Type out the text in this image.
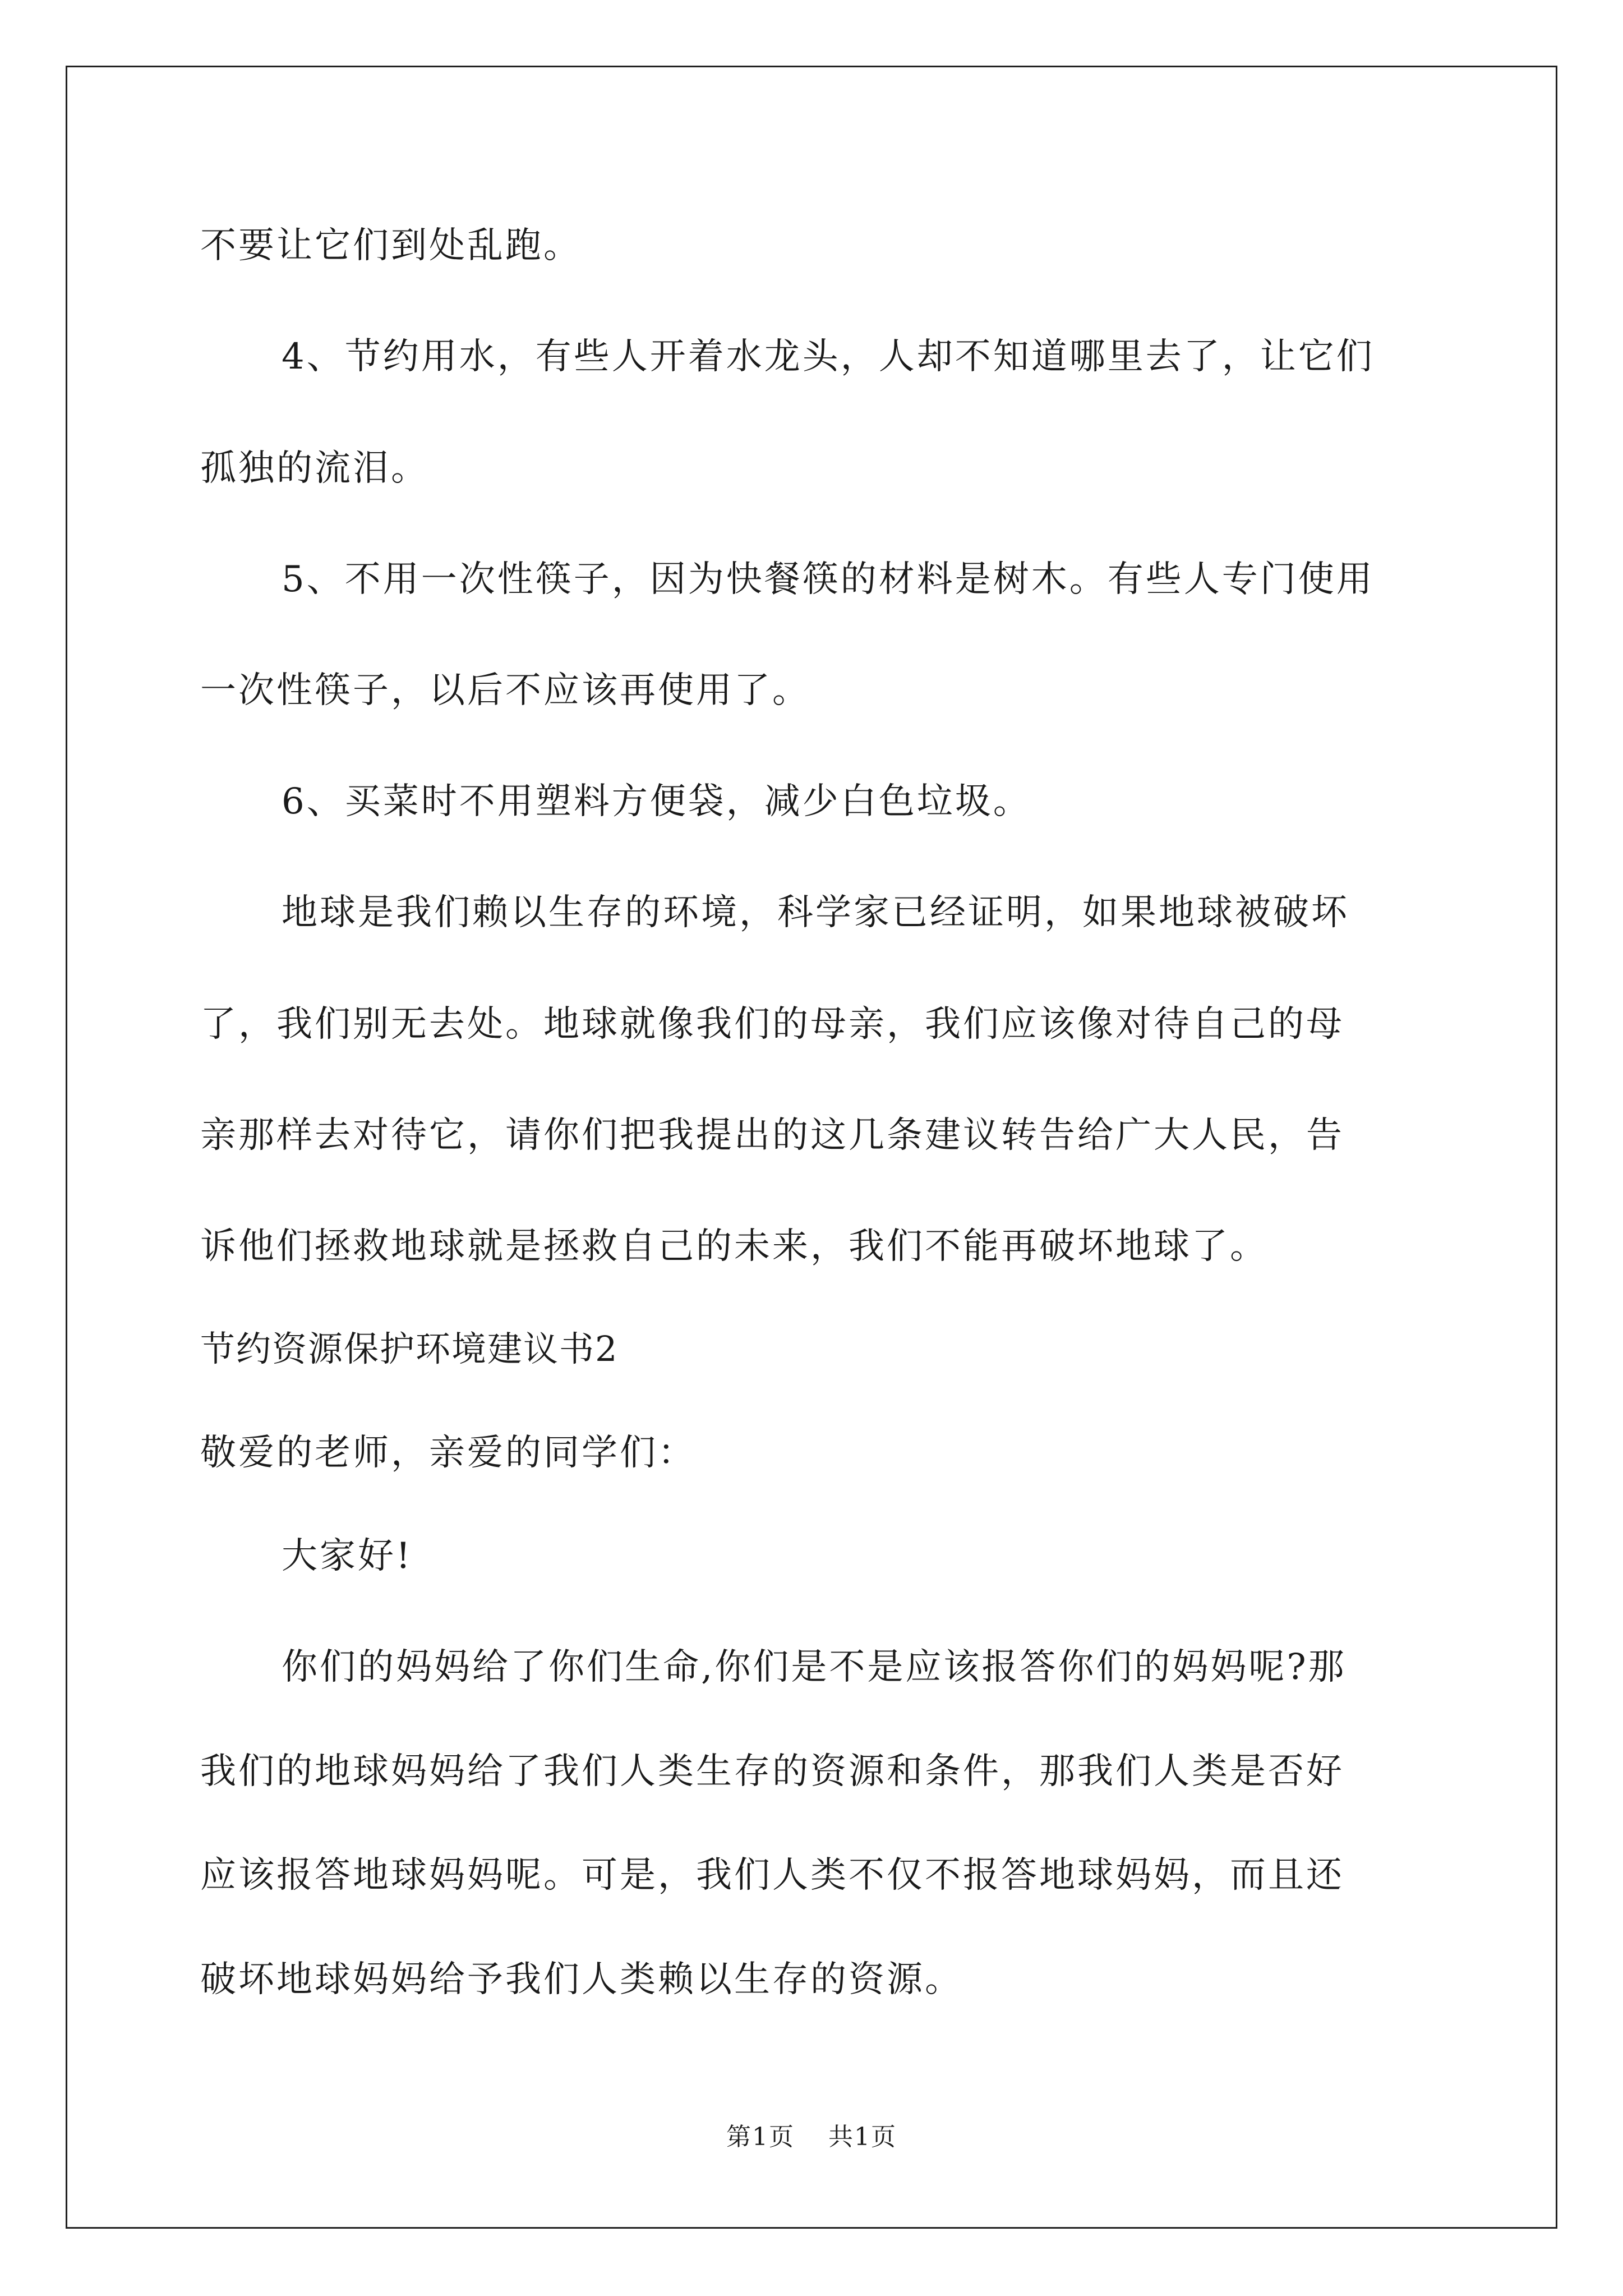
不要让它们到处乱跑。
4、节约用水，有些人开着水龙头，人却不知道哪里去了，让它们
孤独的流泪。
5、不用一次性筷子，因为快餐筷的材料是树木。有些人专门使用
一次性筷子，以后不应该再使用了。
6、买菜时不用塑料方便袋，减少白色垃圾。
地球是我们赖以生存的环境，科学家已经证明，如果地球被破坏
了，我们别无去处。地球就像我们的母亲，我们应该像对待自己的母
亲那样去对待它，请你们把我提出的这几条建议转告给广大人民，告
诉他们拯救地球就是拯救自己的未来，我们不能再破坏地球了。
节约资源保护环境建议书2
敬爱的老师，亲爱的同学们：
大家好!
你们的妈妈给了你们生命,你们是不是应该报答你们的妈妈呢?那
我们的地球妈妈给了我们人类生存的资源和条件，那我们人类是否好
应该报答地球妈妈呢。可是，我们人类不仅不报答地球妈妈，而且还
破坏地球妈妈给予我们人类赖以生存的资源。
第1页 共1页
